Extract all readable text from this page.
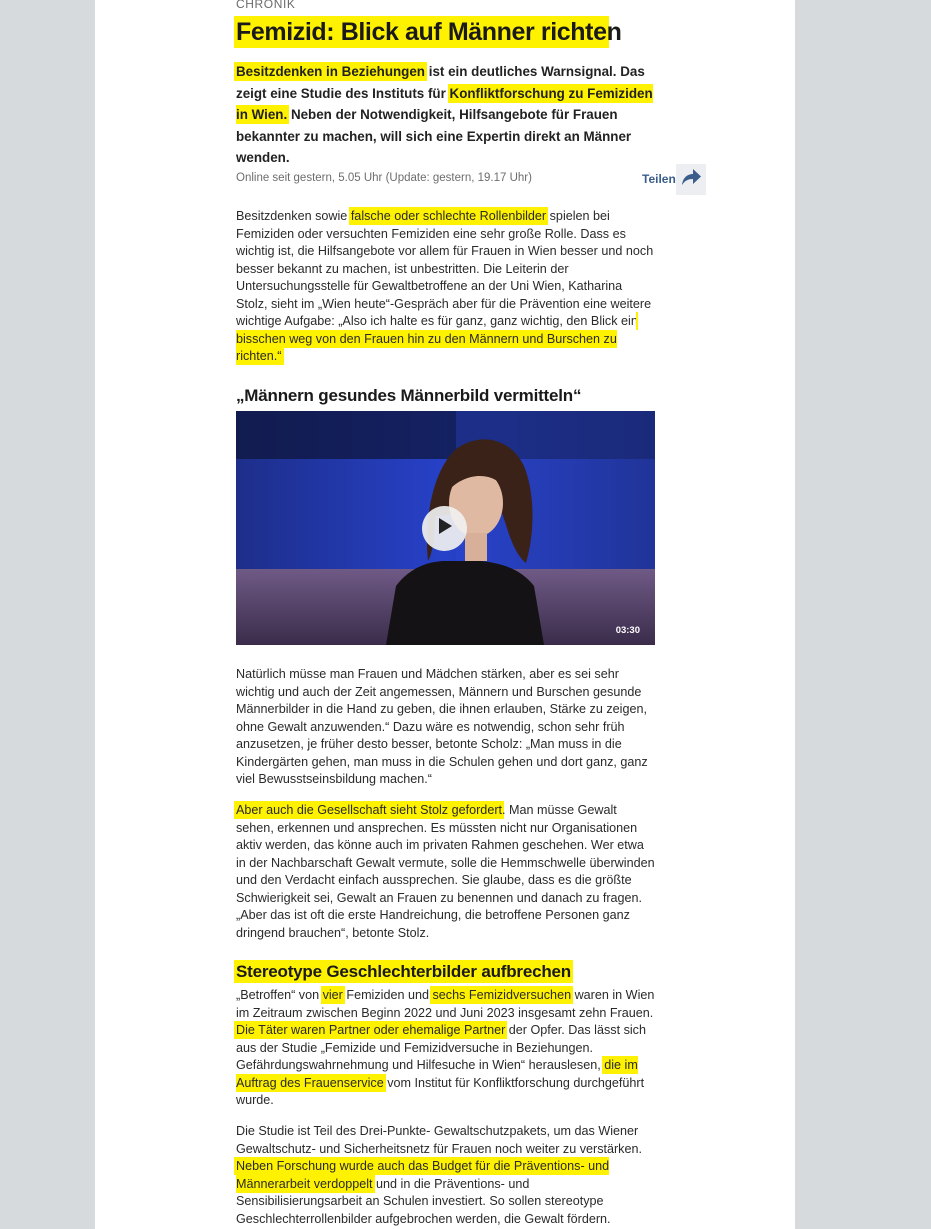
CHRONIK
Femizid: Blick auf Männer richten

Besitzdenken in Beziehungen ist ein deutliches Warnsignal. Das zeigt eine Studie des Instituts für Konfliktforschung zu Femiziden in Wien. Neben der Notwendigkeit, Hilfsangebote für Frauen bekannter zu machen, will sich eine Expertin direkt an Männer wenden.

Online seit gestern, 5.05 Uhr (Update: gestern, 19.17 Uhr)	Teilen

Besitzdenken sowie falsche oder schlechte Rollenbilder spielen bei Femiziden oder versuchten Femiziden eine sehr große Rolle. Dass es wichtig ist, die Hilfsangebote vor allem für Frauen in Wien besser und noch besser bekannt zu machen, ist unbestritten. Die Leiterin der Untersuchungsstelle für Gewaltbetroffene an der Uni Wien, Katharina Stolz, sieht im „Wien heute“-Gespräch aber für die Prävention eine weitere wichtige Aufgabe: „Also ich halte es für ganz, ganz wichtig, den Blick ein bisschen weg von den Frauen hin zu den Männern und Burschen zu richten.“

„Männern gesundes Männerbild vermitteln“
03:30

Natürlich müsse man Frauen und Mädchen stärken, aber es sei sehr wichtig und auch der Zeit angemessen, Männern und Burschen gesunde Männerbilder in die Hand zu geben, die ihnen erlauben, Stärke zu zeigen, ohne Gewalt anzuwenden.“ Dazu wäre es notwendig, schon sehr früh anzusetzen, je früher desto besser, betonte Scholz: „Man muss in die Kindergärten gehen, man muss in die Schulen gehen und dort ganz, ganz viel Bewusstseinsbildung machen.“

Aber auch die Gesellschaft sieht Stolz gefordert. Man müsse Gewalt sehen, erkennen und ansprechen. Es müssten nicht nur Organisationen aktiv werden, das könne auch im privaten Rahmen geschehen. Wer etwa in der Nachbarschaft Gewalt vermute, solle die Hemmschwelle überwinden und den Verdacht einfach aussprechen. Sie glaube, dass es die größte Schwierigkeit sei, Gewalt an Frauen zu benennen und danach zu fragen. „Aber das ist oft die erste Handreichung, die betroffene Personen ganz dringend brauchen“, betonte Stolz.

Stereotype Geschlechterbilder aufbrechen

„Betroffen“ von vier Femiziden und sechs Femizidversuchen waren in Wien im Zeitraum zwischen Beginn 2022 und Juni 2023 insgesamt zehn Frauen. Die Täter waren Partner oder ehemalige Partner der Opfer. Das lässt sich aus der Studie „Femizide und Femizidversuche in Beziehungen. Gefährdungswahrnehmung und Hilfesuche in Wien“ herauslesen, die im Auftrag des Frauenservice vom Institut für Konfliktforschung durchgeführt wurde.

Die Studie ist Teil des Drei-Punkte- Gewaltschutzpakets, um das Wiener Gewaltschutz- und Sicherheitsnetz für Frauen noch weiter zu verstärken. Neben Forschung wurde auch das Budget für die Präventions- und Männerarbeit verdoppelt und in die Präventions- und Sensibilisierungsarbeit an Schulen investiert. So sollen stereotype Geschlechterrollenbilder aufgebrochen werden, die Gewalt fördern.
